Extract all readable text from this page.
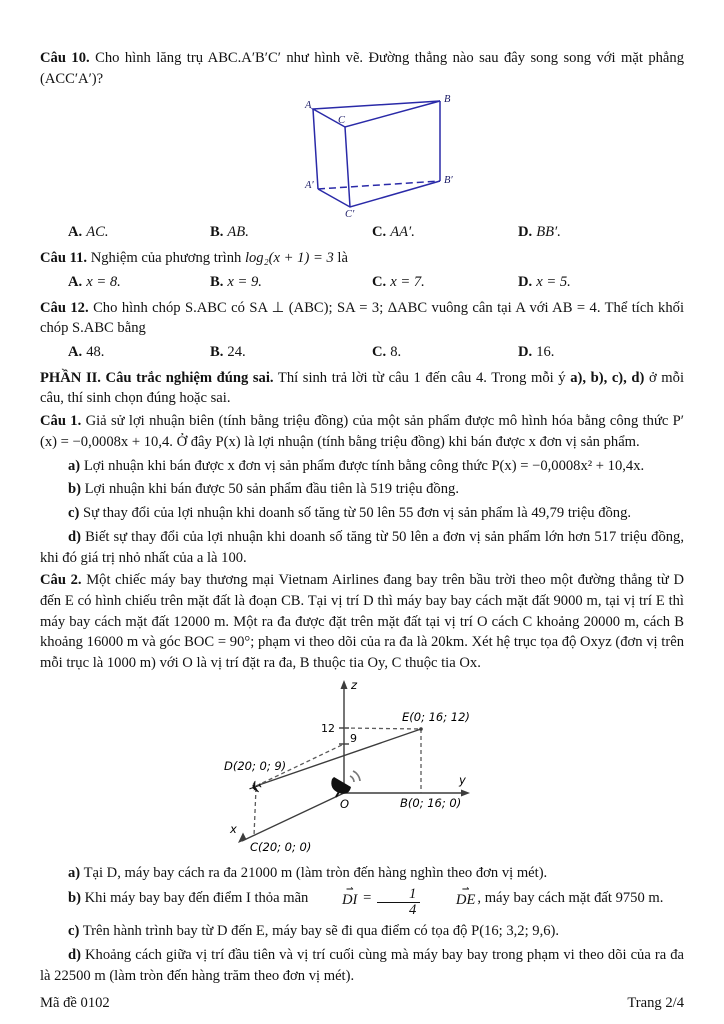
Câu 10. Cho hình lăng trụ ABC.A′B′C′ như hình vẽ. Đường thẳng nào sau đây song song với mặt phẳng (ACC′A′)?

A
B
C
A′	B′
C′
A. AC.	B. AB.	C. AA′.	D. BB′.

Câu 11. Nghiệm của phương trình log₂(x + 1) = 3 là

A. x = 8.	B. x = 9.	C. x = 7.	D. x = 5.

Câu 12. Cho hình chóp S.ABC có SA ⊥ (ABC); SA = 3; ΔABC vuông cân tại A với AB = 4. Thể tích khối chóp S.ABC bằng

A. 48.	B. 24.	C. 8.	D. 16.

PHẦN II. Câu trắc nghiệm đúng sai. Thí sinh trả lời từ câu 1 đến câu 4. Trong mỗi ý a), b), c), d) ở mỗi câu, thí sinh chọn đúng hoặc sai.

Câu 1. Giả sử lợi nhuận biên (tính bằng triệu đồng) của một sản phẩm được mô hình hóa bằng công thức P′(x) = −0,0008x + 10,4. Ở đây P(x) là lợi nhuận (tính bằng triệu đồng) khi bán được x đơn vị sản phẩm.

a) Lợi nhuận khi bán được x đơn vị sản phẩm được tính bằng công thức P(x) = −0,0008x² + 10,4x.

b) Lợi nhuận khi bán được 50 sản phẩm đầu tiên là 519 triệu đồng.

c) Sự thay đổi của lợi nhuận khi doanh số tăng từ 50 lên 55 đơn vị sản phẩm là 49,79 triệu đồng.

d) Biết sự thay đổi của lợi nhuận khi doanh số tăng từ 50 lên a đơn vị sản phẩm lớn hơn 517 triệu đồng, khi đó giá trị nhỏ nhất của a là 100.

Câu 2. Một chiếc máy bay thương mại Vietnam Airlines đang bay trên bầu trời theo một đường thẳng từ D đến E có hình chiếu trên mặt đất là đoạn CB. Tại vị trí D thì máy bay bay cách mặt đất 9000 m, tại vị trí E thì máy bay cách mặt đất 12000 m. Một ra đa được đặt trên mặt đất tại vị trí O cách C khoảng 20000 m, cách B khoảng 16000 m và góc BOC = 90°; phạm vi theo dõi của ra đa là 20km. Xét hệ trục tọa độ Oxyz (đơn vị trên mỗi trục là 1000 m) với O là vị trí đặt ra đa, B thuộc tia Oy, C thuộc tia Ox.

✈
z
y
x
O
12
9
E(0; 16; 12)
B(0; 16; 0)
D(20; 0; 9)
C(20; 0; 0)

a) Tại D, máy bay cách ra đa 21000 m (làm tròn đến hàng nghìn theo đơn vị mét).

b) Khi máy bay bay đến điểm I thỏa mãn
⇀
DI = $\frac{1}{4}$
	⇀
DE , máy bay cách mặt đất 9750 m.

c) Trên hành trình bay từ D đến E, máy bay sẽ đi qua điểm có tọa độ P(16; 3,2; 9,6).

d) Khoảng cách giữa vị trí đầu tiên và vị trí cuối cùng mà máy bay bay trong phạm vi theo dõi của ra đa là 22500 m (làm tròn đến hàng trăm theo đơn vị mét).

Mã đề 0102	Trang 2/4
